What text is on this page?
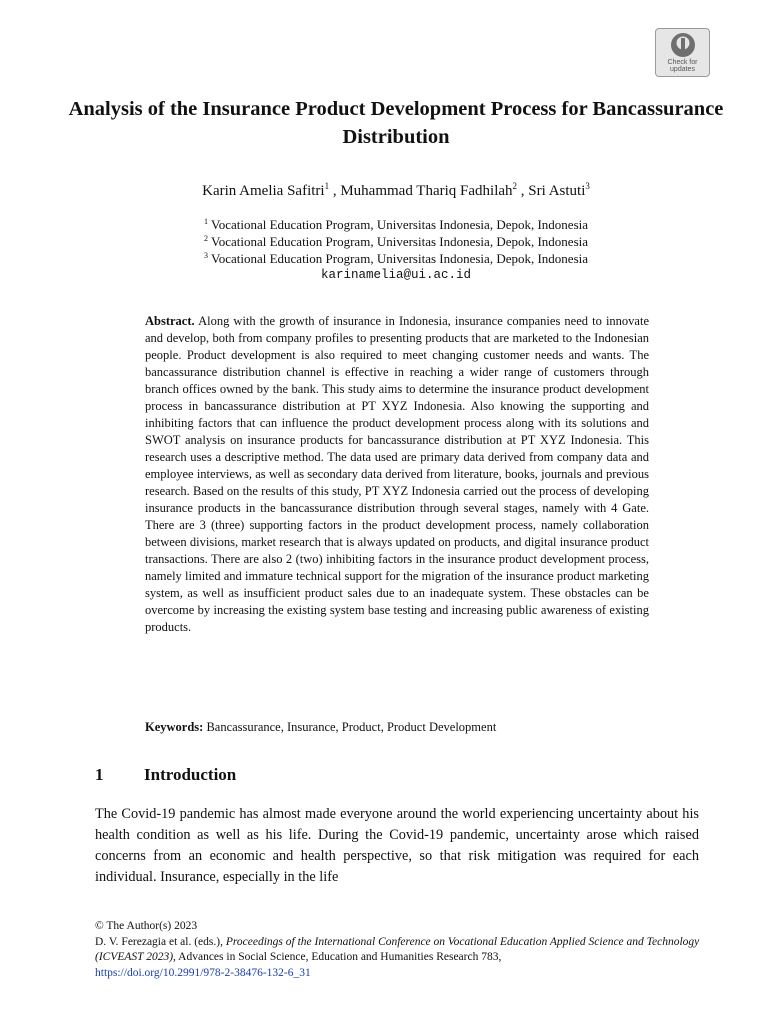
Check for
updates
Analysis of the Insurance Product Development Process for Bancassurance Distribution
Karin Amelia Safitri$^1$ , Muhammad Thariq Fadhilah$^2$ , Sri Astuti$^3$
$^1$ Vocational Education Program, Universitas Indonesia, Depok, Indonesia
$^2$ Vocational Education Program, Universitas Indonesia, Depok, Indonesia
$^3$ Vocational Education Program, Universitas Indonesia, Depok, Indonesia
karinamelia@ui.ac.id

Abstract. Along with the growth of insurance in Indonesia, insurance companies need to innovate and develop, both from company profiles to presenting products that are marketed to the Indonesian people. Product development is also required to meet changing customer needs and wants. The bancassurance distribution channel is effective in reaching a wider range of customers through branch offices owned by the bank. This study aims to determine the insurance product development process in bancassurance distribution at PT XYZ Indonesia. Also knowing the supporting and inhibiting factors that can influence the product development process along with its solutions and SWOT analysis on insurance products for bancassurance distribution at PT XYZ Indonesia. This research uses a descriptive method. The data used are primary data derived from company data and employee interviews, as well as secondary data derived from literature, books, journals and previous research. Based on the results of this study, PT XYZ Indonesia carried out the process of developing insurance products in the bancassurance distribution through several stages, namely with 4 Gate. There are 3 (three) supporting factors in the product development process, namely collaboration between divisions, market research that is always updated on products, and digital insurance product transactions. There are also 2 (two) inhibiting factors in the insurance product development process, namely limited and immature technical support for the migration of the insurance product marketing system, as well as insufficient product sales due to an inadequate system. These obstacles can be overcome by increasing the existing system base testing and increasing public awareness of existing products.

Keywords: Bancassurance, Insurance, Product, Product Development

1 Introduction

The Covid-19 pandemic has almost made everyone around the world experiencing uncertainty about his health condition as well as his life. During the Covid-19 pandemic, uncertainty arose which raised concerns from an economic and health perspective, so that risk mitigation was required for each individual. Insurance, especially in the life

© The Author(s) 2023
D. V. Ferezagia et al. (eds.), Proceedings of the International Conference on Vocational Education Applied Science and Technology (ICVEAST 2023), Advances in Social Science, Education and Humanities Research 783,
https://doi.org/10.2991/978-2-38476-132-6_31
